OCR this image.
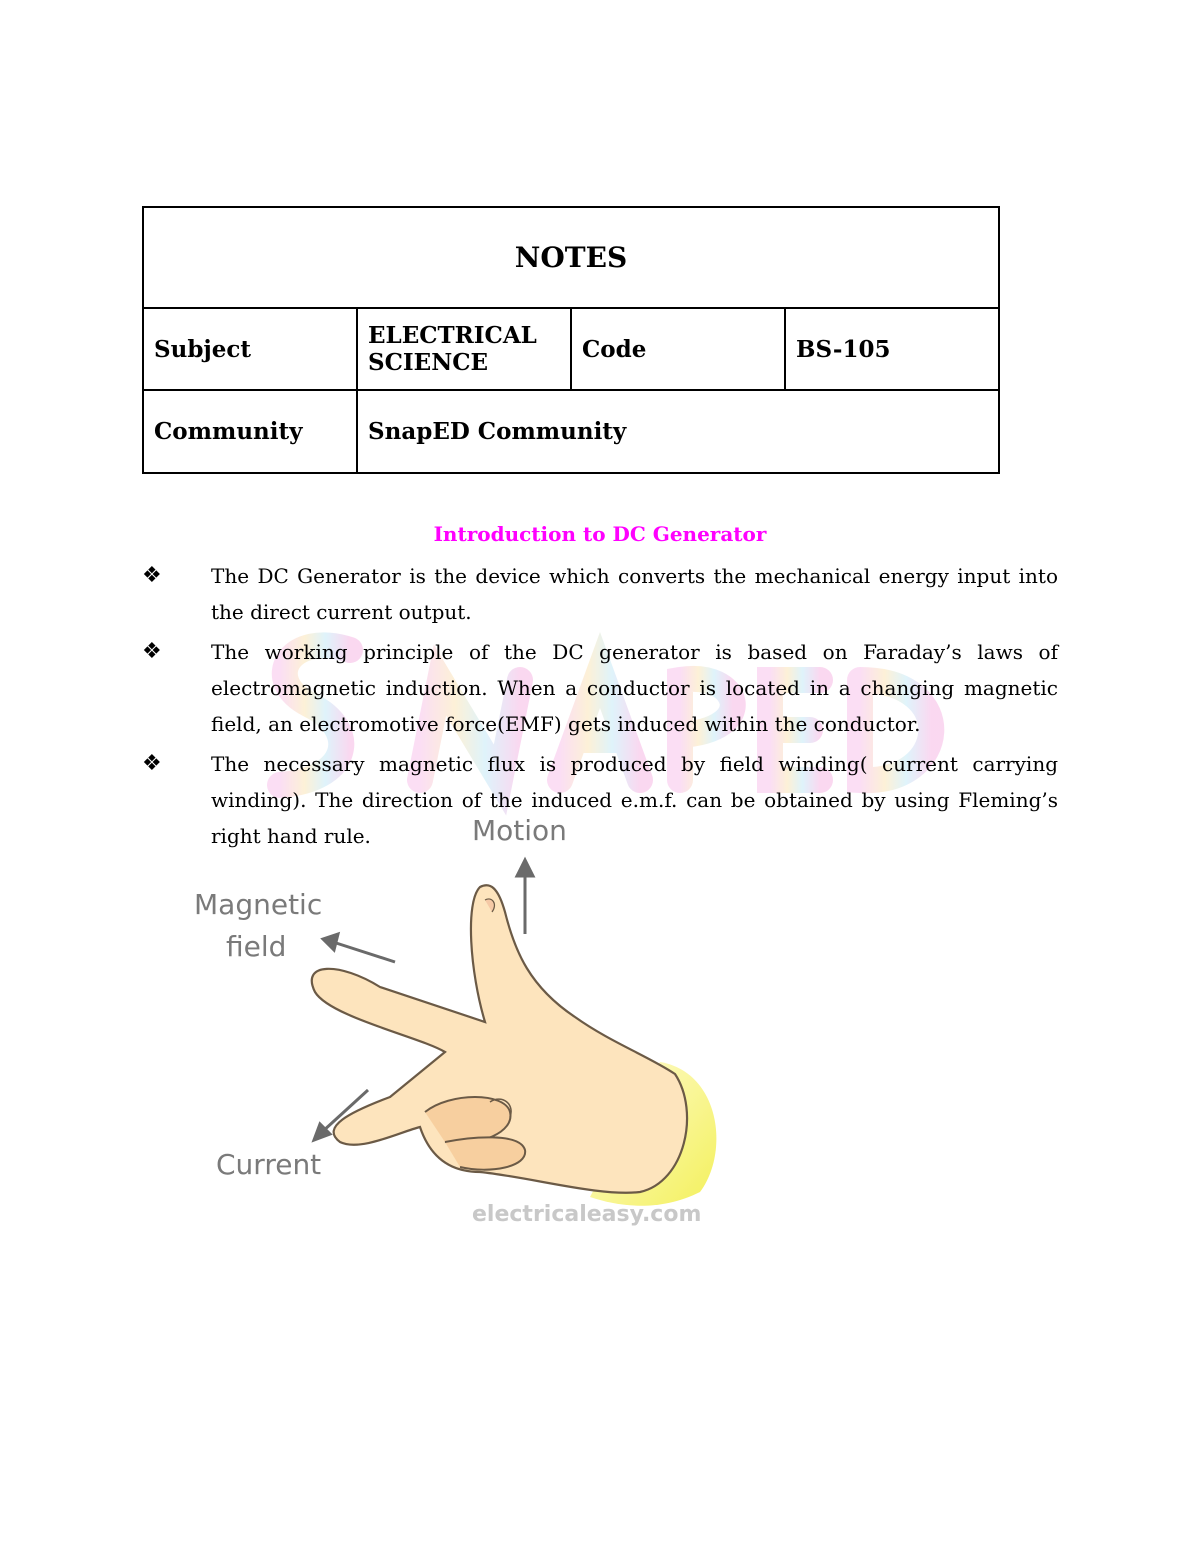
NOTES			
Subject	ELECTRICAL SCIENCE	Code	BS-105
Community	SnapED Community		
Introduction to DC Generator
❖ The DC Generator is the device which converts the mechanical energy input into the direct current output.
❖ The working principle of the DC generator is based on Faraday’s laws of electromagnetic induction. When a conductor is located in a changing magnetic field, an electromotive force(EMF) gets induced within the conductor.
❖ The necessary magnetic flux is produced by field winding( current carrying winding). The direction of the induced e.m.f. can be obtained by using Fleming’s right hand rule.	Motion
Magnetic
field
Current
electricaleasy.com
